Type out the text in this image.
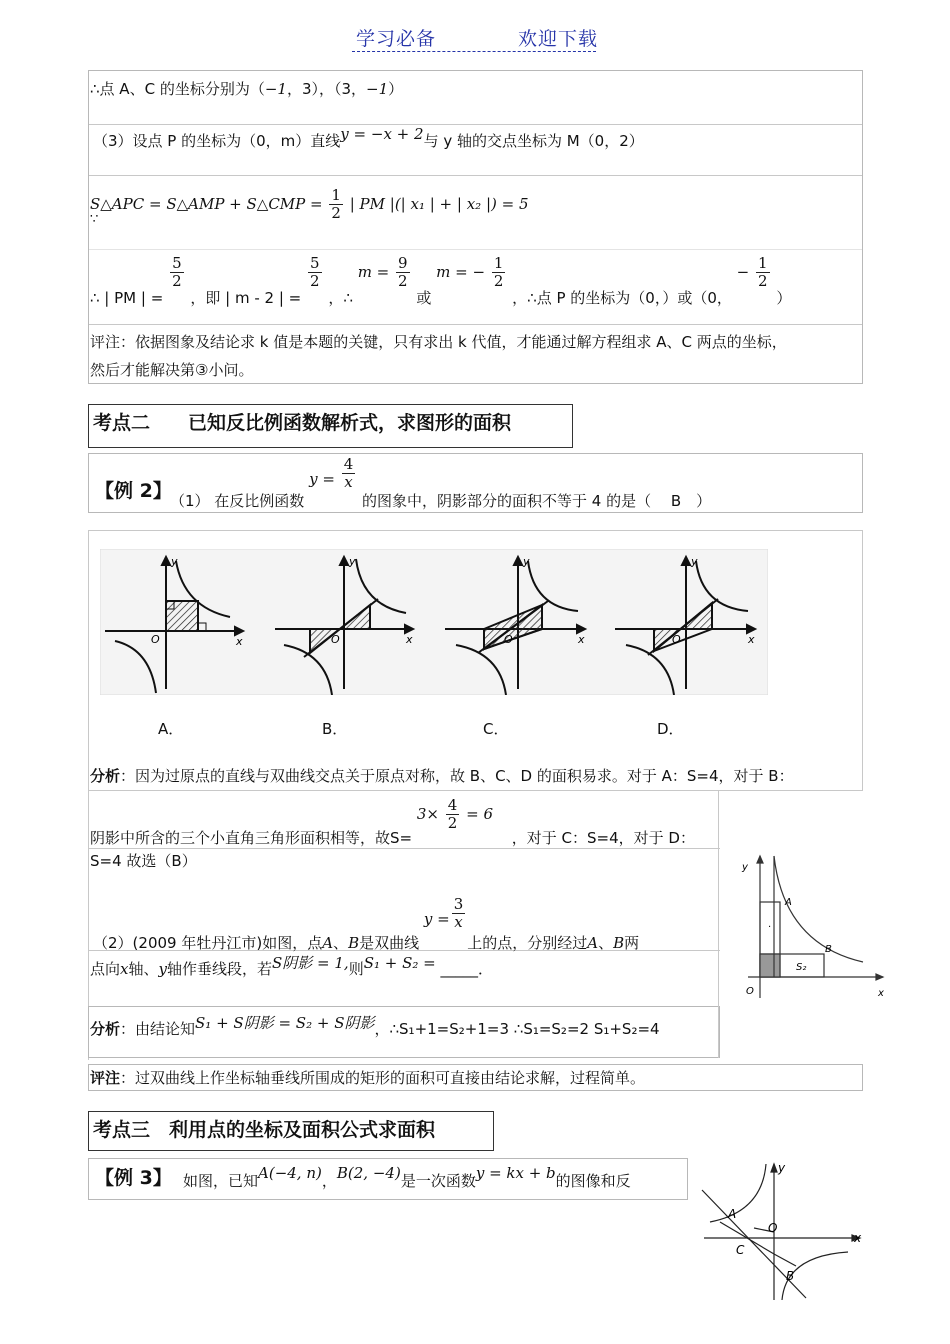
学习必备	欢迎下载
∴点 A、C 的坐标分别为（−1，3），（3，−1）
（3）设点 P 的坐标为（0，m）直线y = −x + 2与 y 轴的交点坐标为 M（0，2）
S△APC = S△AMP + S△CMP = $\frac{1}{2}$ | PM |(| x₁ | + | x₂ |) = 5
∵
∴ | PM | =
$\frac{5}{2}$
，即 | m - 2 | =
$\frac{5}{2}$
，∴ $m = \frac{9}{2}$
或 m = − $\frac{1}{2}$
，∴点 P 的坐标为（0，）或（0， − $\frac{1}{2}$
）
评注：依据图象及结论求 k 值是本题的关键，只有求出 k 代值，才能通过解方程组求 A、C 两点的坐标，
然后才能解决第③小问。
考点二　　已知反比例函数解析式，求图形的面积
【例 2】
（1） 在反比例函数 $y = \frac{4}{x}$
的图象中，阴影部分的面积不等于 4 的是（　 B　）
y
x
O
y
x
O
y
x
O
y
x
O
A．	B．	C．	D．
分析：因为过原点的直线与双曲线交点关于原点对称，故 B、C、D 的面积易求。对于 A：S=4，对于 B：
阴影中所含的三个小直角三角形面积相等，故$S= 3\times \frac{4}{2} = 6$ ，对于 C：S=4，对于 D：
S=4 故选（B）
（2）(2009 年牡丹江市)如图，点A、B是双曲线 $y = \frac{3}{x}$
上的点，分别经过A、B两
点向x轴、y轴作垂线段，若S阴影 = 1,则S₁ + S₂ = _____．
分析：由结论知S₁ + S阴影 = S₂ + S阴影，∴S₁+1=S₂+1=3 ∴S₁=S₂=2 S₁+S₂=4
评注：过双曲线上作坐标轴垂线所围成的矩形的面积可直接由结论求解，过程简单。
y
x
O
A
B
S₂
·
考点三　利用点的坐标及面积公式求面积
【例 3】 如图，已知A(−4, n)，B(2, −4)是一次函数y = kx + b的图像和反
y
x
O
A
C
B
